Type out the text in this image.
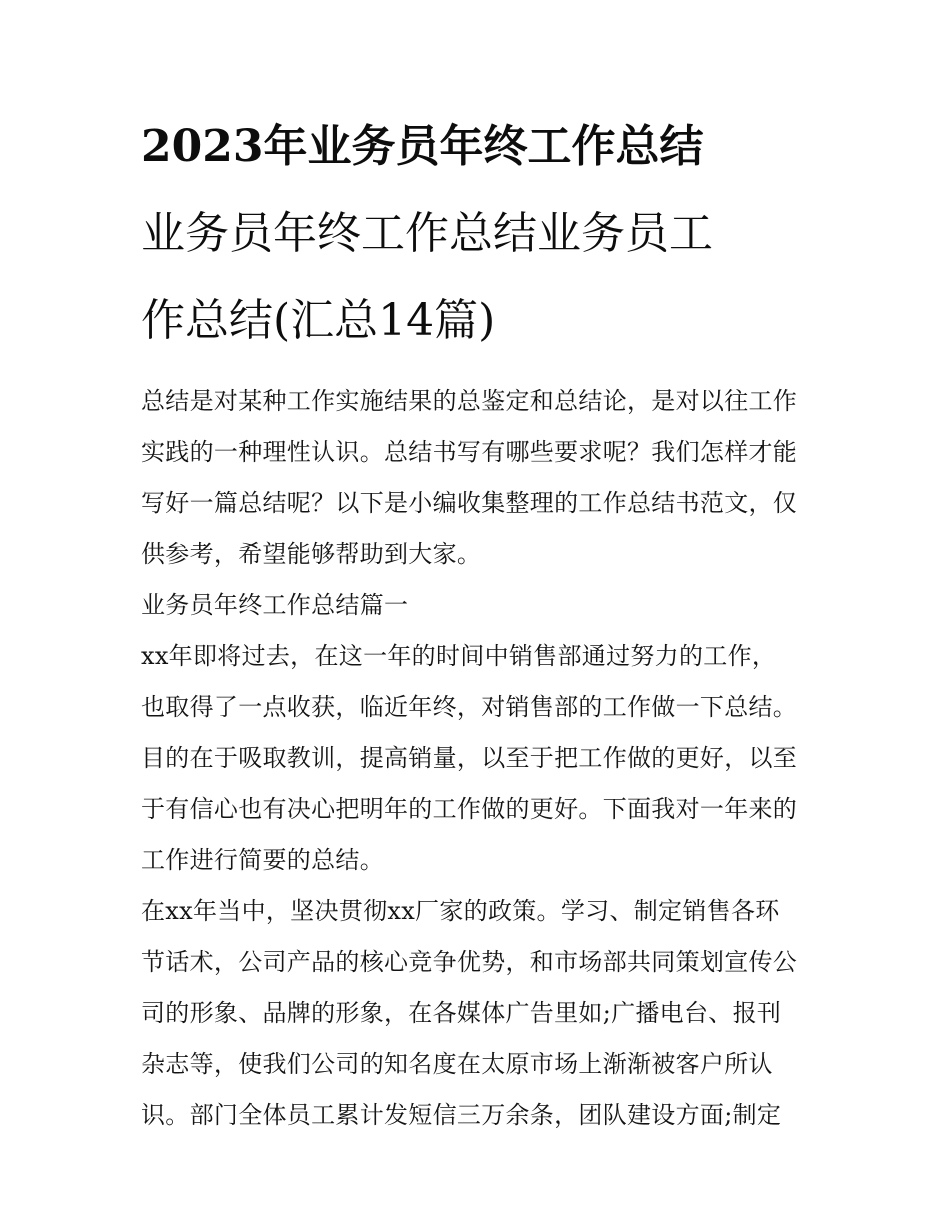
2023年业务员年终工作总结
业务员年终工作总结业务员工
作总结(汇总14篇)
总结是对某种工作实施结果的总鉴定和总结论，是对以往工作
实践的一种理性认识。总结书写有哪些要求呢？我们怎样才能
写好一篇总结呢？以下是小编收集整理的工作总结书范文，仅
供参考，希望能够帮助到大家。
业务员年终工作总结篇一
xx年即将过去，在这一年的时间中销售部通过努力的工作，
也取得了一点收获，临近年终，对销售部的工作做一下总结。
目的在于吸取教训，提高销量，以至于把工作做的更好，以至
于有信心也有决心把明年的工作做的更好。下面我对一年来的
工作进行简要的总结。
在xx年当中，坚决贯彻xx厂家的政策。学习、制定销售各环
节话术，公司产品的核心竞争优势，和市场部共同策划宣传公
司的形象、品牌的形象，在各媒体广告里如;广播电台、报刊
杂志等，使我们公司的知名度在太原市场上渐渐被客户所认
识。部门全体员工累计发短信三万余条，团队建设方面;制定
